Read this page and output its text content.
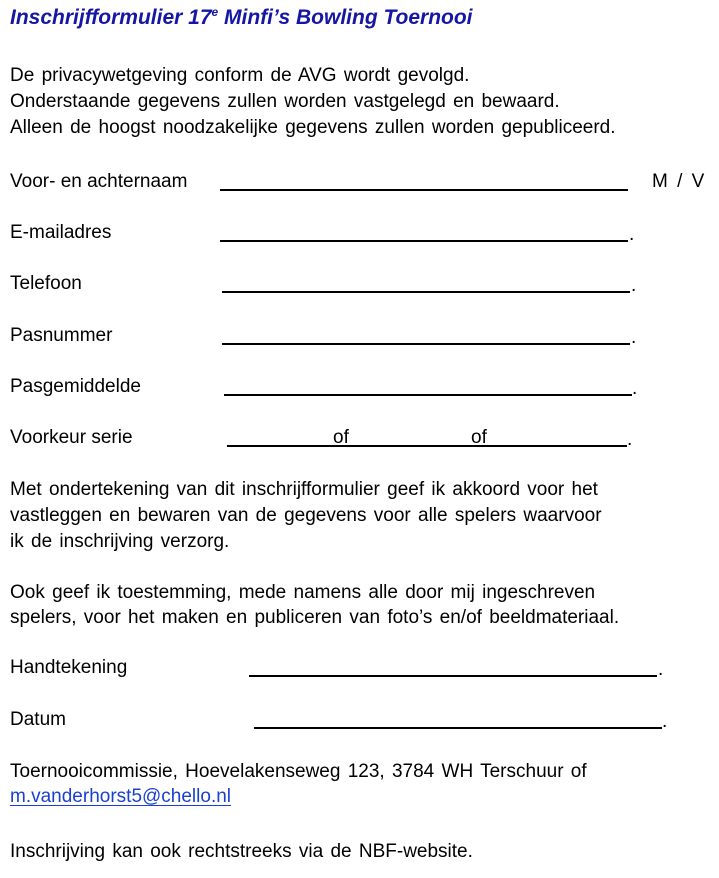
Inschrijfformulier 17e Minfi’s Bowling Toernooi
De privacywetgeving conform de AVG wordt gevolgd.
Onderstaande gegevens zullen worden vastgelegd en bewaard.
Alleen de hoogst noodzakelijke gegevens zullen worden gepubliceerd.
Voor- en achternaam	M / V
E-mailadres	.
Telefoon	.
Pasnummer	.
Pasgemiddelde	.
Voorkeur serie	of	of	.
Met ondertekening van dit inschrijfformulier geef ik akkoord voor het
vastleggen en bewaren van de gegevens voor alle spelers waarvoor
ik de inschrijving verzorg.
Ook geef ik toestemming, mede namens alle door mij ingeschreven
spelers, voor het maken en publiceren van foto’s en/of beeldmateriaal.
Handtekening	.
Datum	.
Toernooicommissie, Hoevelakenseweg 123, 3784 WH Terschuur of
m.vanderhorst5@chello.nl
Inschrijving kan ook rechtstreeks via de NBF-website.
